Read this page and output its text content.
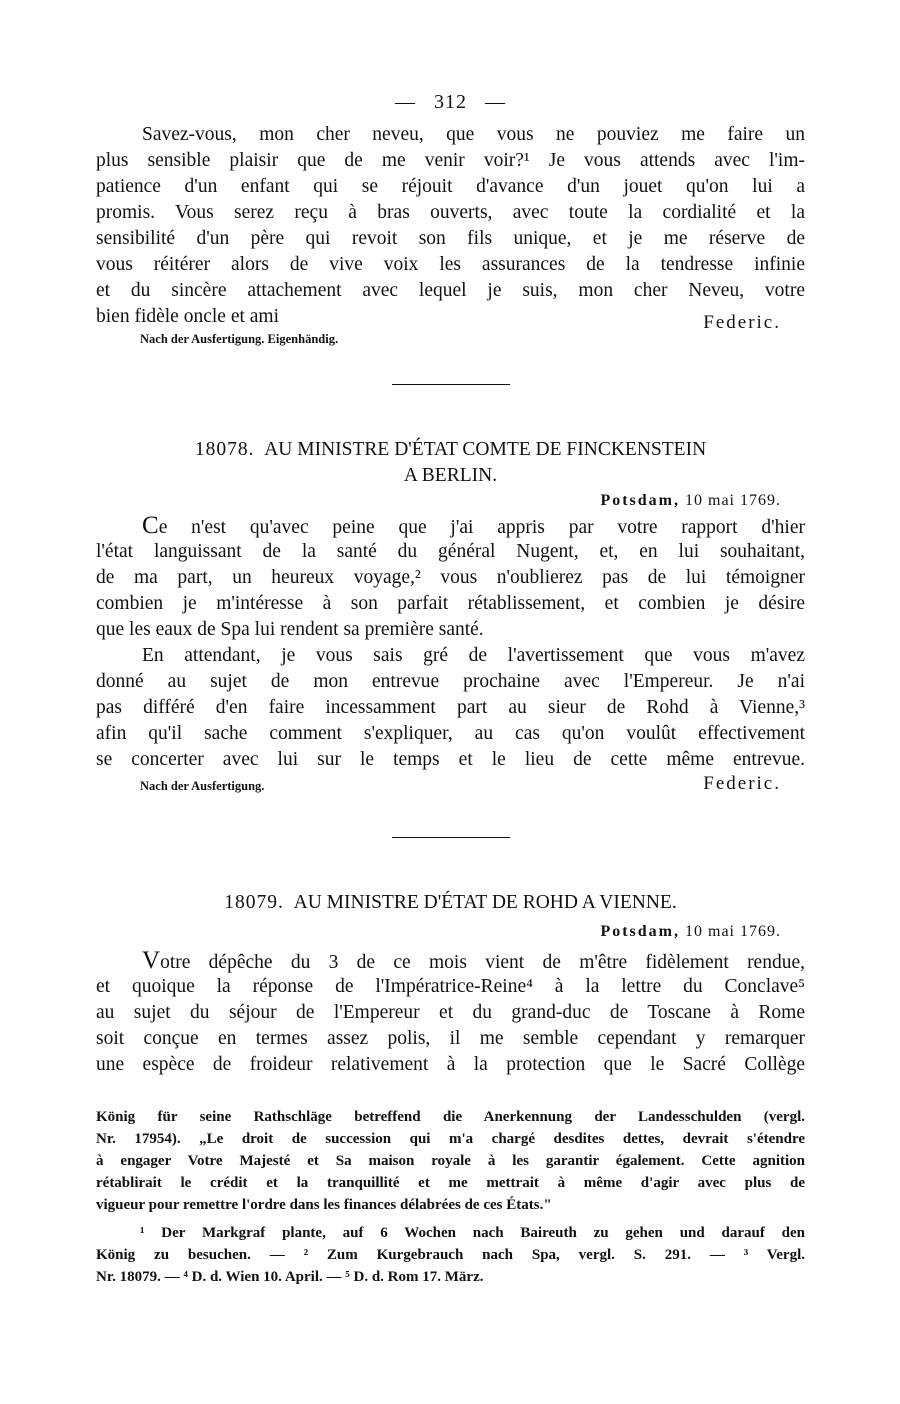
—   312   —
Savez-vous, mon cher neveu, que vous ne pouviez me faire un
plus sensible plaisir que de me venir voir?¹ Je vous attends avec l'im-
patience d'un enfant qui se réjouit d'avance d'un jouet qu'on lui a
promis. Vous serez reçu à bras ouverts, avec toute la cordialité et la
sensibilité d'un père qui revoit son fils unique, et je me réserve de
vous réitérer alors de vive voix les assurances de la tendresse infinie
et du sincère attachement avec lequel je suis, mon cher Neveu, votre
bien fidèle oncle et ami	Federic.
Nach der Ausfertigung. Eigenhändig.
18078. AU MINISTRE D'ÉTAT COMTE DE FINCKENSTEIN
A BERLIN.
Potsdam, 10 mai 1769.
Ce n'est qu'avec peine que j'ai appris par votre rapport d'hier
l'état languissant de la santé du général Nugent, et, en lui souhaitant,
de ma part, un heureux voyage,² vous n'oublierez pas de lui témoigner
combien je m'intéresse à son parfait rétablissement, et combien je désire
que les eaux de Spa lui rendent sa première santé.
En attendant, je vous sais gré de l'avertissement que vous m'avez
donné au sujet de mon entrevue prochaine avec l'Empereur. Je n'ai
pas différé d'en faire incessamment part au sieur de Rohd à Vienne,³
afin qu'il sache comment s'expliquer, au cas qu'on voulût effectivement
se concerter avec lui sur le temps et le lieu de cette même entrevue.
Nach der Ausfertigung.	Federic.
18079. AU MINISTRE D'ÉTAT DE ROHD A VIENNE.
Potsdam, 10 mai 1769.
Votre dépêche du 3 de ce mois vient de m'être fidèlement rendue,
et quoique la réponse de l'Impératrice-Reine⁴ à la lettre du Conclave⁵
au sujet du séjour de l'Empereur et du grand-duc de Toscane à Rome
soit conçue en termes assez polis, il me semble cependant y remarquer
une espèce de froideur relativement à la protection que le Sacré Collège
König für seine Rathschläge betreffend die Anerkennung der Landesschulden (vergl.
Nr. 17954). „Le droit de succession qui m'a chargé desdites dettes, devrait s'étendre
à engager Votre Majesté et Sa maison royale à les garantir également. Cette agnition
rétablirait le crédit et la tranquillité et me mettrait à même d'agir avec plus de
vigueur pour remettre l'ordre dans les finances délabrées de ces États."
¹ Der Markgraf plante, auf 6 Wochen nach Baireuth zu gehen und darauf den
König zu besuchen. — ² Zum Kurgebrauch nach Spa, vergl. S. 291. — ³ Vergl.
Nr. 18079. — ⁴ D. d. Wien 10. April. — ⁵ D. d. Rom 17. März.
